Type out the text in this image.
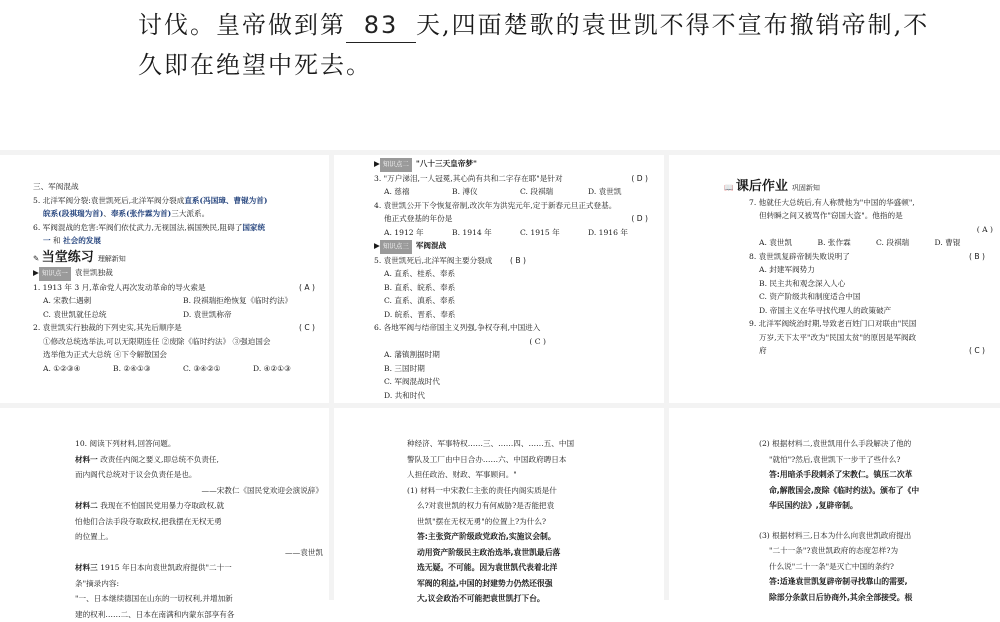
讨伐。皇帝做到第 83 天,四面楚歌的袁世凯不得不宣布撤销帝制,不
久即在绝望中死去。

三、军阀混战

5. 北洋军阀分裂:袁世凯死后,北洋军阀分裂成直系(冯国璋、曹锟为首)

皖系(段祺瑞为首)、奉系(张作霖为首)三大派系。

6. 军阀混战的危害:军阀们依仗武力,无视国法,祸国殃民,阻碍了国家统

一 和 社会的发展

✎ 当堂练习 理解新知

▶ 知识点一 袁世凯独裁

1. 1913 年 3 月,革命党人再次发动革命的导火索是	( A )

A. 宋教仁遇刺	B. 段祺瑞拒绝恢复《临时约法》

C. 袁世凯就任总统	D. 袁世凯称帝

2. 袁世凯实行独裁的下列史实,其先后顺序是	( C )

①修改总统选举法,可以无限期连任 ②废除《临时约法》 ③强迫国会

选举他为正式大总统 ④下令解散国会

A. ①②③④	B. ②④①③	C. ③④②①	D. ④②①③

▶ 知识点二 "八十三天皇帝梦"

3. "万户涕泪,一人冠冕,其心尚有共和二字存在耶"是针对	( D )

A. 慈禧	B. 溥仪	C. 段祺瑞	D. 袁世凯

4. 袁世凯公开下令恢复帝制,改次年为洪宪元年,定于新春元旦正式登基。

他正式登基的年份是	( D )

A. 1912 年	B. 1914 年	C. 1915 年	D. 1916 年

▶ 知识点三 军阀混战

5. 袁世凯死后,北洋军阀主要分裂成 ( B )

A. 直系、桂系、奉系

B. 直系、皖系、奉系

C. 直系、滇系、奉系

D. 皖系、晋系、奉系

6. 各地军阀与结帝国主义列强,争权夺利,中国进入

( C )

A. 藩镇割据时期

B. 三国时期

C. 军阀混战时代

D. 共和时代

📖 课后作业 巩固新知

7. 他就任大总统后,有人称赞他为"中国的华盛顿",

但转瞬之间又被骂作"窃国大盗"。他指的是

( A )

A. 袁世凯	B. 张作霖	C. 段祺瑞	D. 曹锟

8. 袁世凯复辟帝制失败说明了	( B )

A. 封建军阀势力

B. 民主共和观念深入人心

C. 资产阶级共和制度适合中国

D. 帝国主义在华寻找代理人的政策破产

9. 北洋军阀统治时期,导致老百姓门口对联由"民国

万岁,天下太平"改为"民国太贫"的原因是军阀政

府	( C )

10. 阅读下列材料,回答问题。

材料一 改责任内阁之要义,即总统不负责任,

而内阁代总统对于议会负责任是也。

——宋教仁《国民党欢迎会演说辞》

材料二 我现在不怕国民党用暴力夺取政权,就

怕他们合法手段夺取政权,把我摆在无权无勇

的位置上。

——袁世凯

材料三 1915 年日本向袁世凯政府提供"二十一

条"摘录内容:

"一、日本继续德国在山东的一切权利,并增加新

建的权利……二、日本在南满和内蒙东部享有各

种经济、军事特权……三、……四、……五、中国

警队及工厂由中日合办……六、中国政府聘日本

人担任政治、财政、军事顾问。"

(1) 材料一中宋教仁主张的责任内阁实质是什

么?对袁世凯的权力有何威胁?是否能把袁

世凯"摆在无权无勇"的位置上?为什么?

答:主张资产阶级政党政治,实施议会制。

动用资产阶级民主政治选举,袁世凯最后落

选无疑。不可能。因为袁世凯代表着北洋

军阀的利益,中国的封建势力仍然还很强

大,议会政治不可能把袁世凯打下台。

(2) 根据材料二,袁世凯用什么手段解决了他的

"就怕"?然后,袁世凯下一步干了些什么?

答:用暗杀手段刺杀了宋教仁。镇压二次革

命,解散国会,废除《临时约法》。颁布了《中

华民国约法》,复辟帝制。

(3) 根据材料三,日本为什么向袁世凯政府提出

"二十一条"?袁世凯政府的态度怎样?为

什么说"二十一条"是灭亡中国的条约?

答:适逢袁世凯复辟帝制寻找靠山的需要,

除部分条款日后协商外,其余全部接受。根
